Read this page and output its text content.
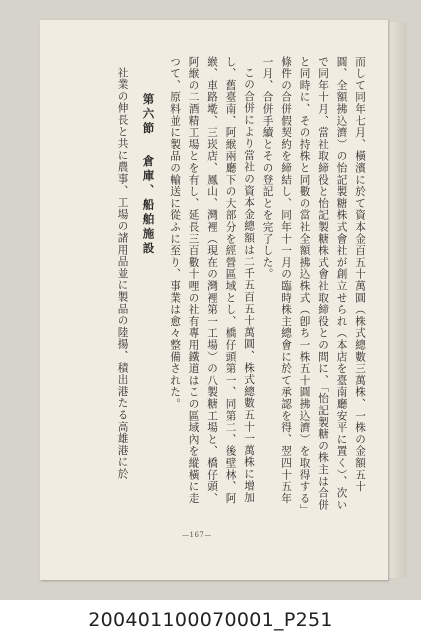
而して同年七月、橫濱に於て資本金百五十萬圓（株式總數三萬株、一株の金額五十圓、全額拂込濟）の怡記製糖株式會社が創立せられ（本店を臺南廳安平に置く）、次いで同年十月、當社取締役と怡記製糖株式會社取締役との間に、「怡記製糖の株主は合併と同時に、その持株と同數の當社全額拂込株式（卽ち一株五十圓拂込濟）を取得する」條件の合併假契約を締結し、同年十一月の臨時株主總會に於て承認を得、翌四十五年一月、合併手續とその登記とを完了した。

この合併により當社の資本金總額は二千五百五十萬圓、株式總數五十一萬株に增加し、舊臺南、阿緱兩廳下の大部分を經營區域とし、橋仔頭第一、同第二、後壁林、阿緱、車路墘、三崁店、鳳山、灣裡（現在の灣裡第一工場）の八製糖工場と、橋仔頭、阿緱の二酒精工場とを有し、延長三百數十哩の社有專用鐵道はこの區域內を縱橫に走つて、原料並に製品の輸送に從ふに至り、事業は愈々整備された。

第六節倉庫、船舶施設

社業の伸長と共に農事、工場の諸用品並に製品の陸揚、積出港たる高雄港に於

—167—
200401100070001_P251
